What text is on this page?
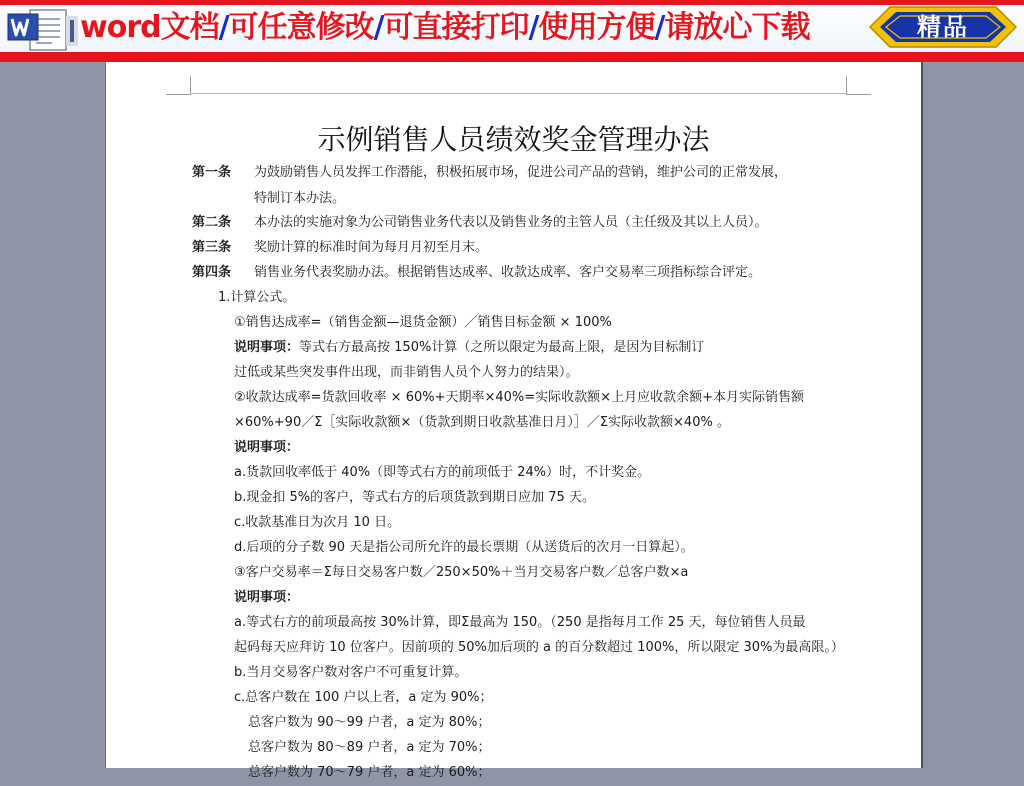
word文档/可任意修改/可直接打印/使用方便/请放心下载	精品
示例销售人员绩效奖金管理办法
第一条 为鼓励销售人员发挥工作潜能，积极拓展市场，促进公司产品的营销，维护公司的正常发展，
特制订本办法。
第二条 本办法的实施对象为公司销售业务代表以及销售业务的主管人员（主任级及其以上人员）。
第三条 奖励计算的标准时间为每月月初至月末。
第四条 销售业务代表奖励办法。根据销售达成率、收款达成率、客户交易率三项指标综合评定。
1.计算公式。
①销售达成率=（销售金额—退货金额）／销售目标金额 × 100%
说明事项：等式右方最高按 150%计算（之所以限定为最高上限，是因为目标制订
过低或某些突发事件出现，而非销售人员个人努力的结果）。
②收款达成率=货款回收率 × 60%+天期率×40%=实际收款额×上月应收款余额+本月实际销售额
×60%+90／Σ［实际收款额×（货款到期日收款基准日月）］／Σ实际收款额×40% 。
说明事项：
a.货款回收率低于 40%（即等式右方的前项低于 24%）时，不计奖金。
b.现金扣 5%的客户，等式右方的后项货款到期日应加 75 天。
c.收款基准日为次月 10 日。
d.后项的分子数 90 天是指公司所允许的最长票期（从送货后的次月一日算起）。
③客户交易率＝Σ每日交易客户数／250×50%＋当月交易客户数／总客户数×a
说明事项：
a.等式右方的前项最高按 30%计算，即Σ最高为 150。（250 是指每月工作 25 天，每位销售人员最
起码每天应拜访 10 位客户。因前项的 50%加后项的 a 的百分数超过 100%，所以限定 30%为最高限。）
b.当月交易客户数对客户不可重复计算。
c.总客户数在 100 户以上者，a 定为 90%；
总客户数为 90～99 户者，a 定为 80%；
总客户数为 80～89 户者，a 定为 70%；
总客户数为 70～79 户者，a 定为 60%；
